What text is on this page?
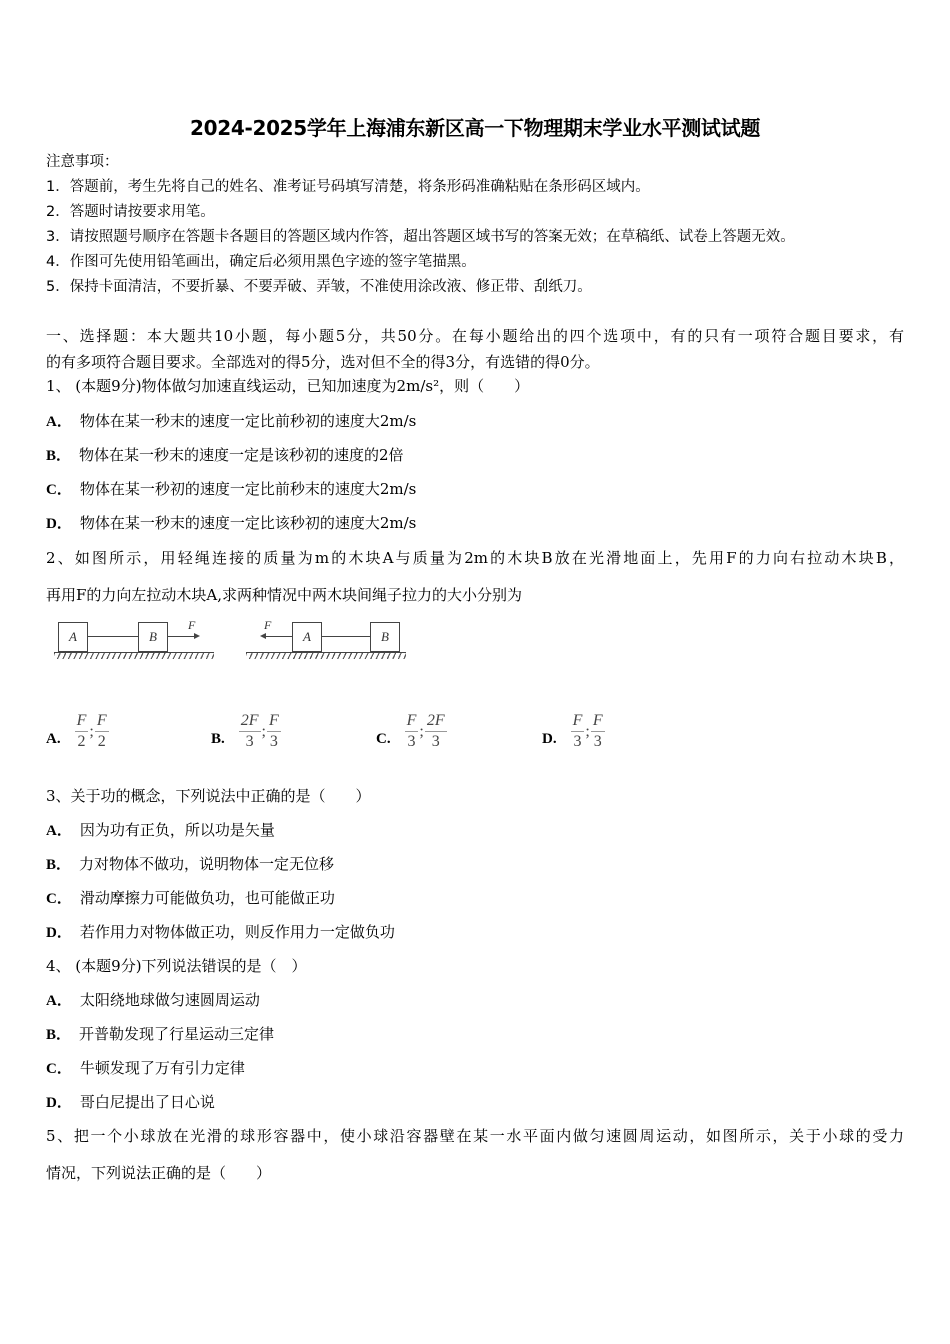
2024-2025学年上海浦东新区高一下物理期末学业水平测试试题
注意事项：
1．答题前，考生先将自己的姓名、准考证号码填写清楚，将条形码准确粘贴在条形码区域内。
2．答题时请按要求用笔。
3．请按照题号顺序在答题卡各题目的答题区域内作答，超出答题区域书写的答案无效；在草稿纸、试卷上答题无效。
4．作图可先使用铅笔画出，确定后必须用黑色字迹的签字笔描黑。
5．保持卡面清洁，不要折暴、不要弄破、弄皱，不准使用涂改液、修正带、刮纸刀。
一、选择题：本大题共10小题，每小题5分，共50分。在每小题给出的四个选项中，有的只有一项符合题目要求，有
的有多项符合题目要求。全部选对的得5分，选对但不全的得3分，有选错的得0分。
1、 (本题9分)物体做匀加速直线运动，已知加速度为2m/s²，则（　　）
A． 物体在某一秒末的速度一定比前秒初的速度大2m/s
B． 物体在某一秒末的速度一定是该秒初的速度的2倍
C． 物体在某一秒初的速度一定比前秒末的速度大2m/s
D． 物体在某一秒末的速度一定比该秒初的速度大2m/s
2、如图所示，用轻绳连接的质量为m的木块A与质量为2m的木块B放在光滑地面上，先用F的力向右拉动木块B，
再用F的力向左拉动木块A,求两种情况中两木块间绳子拉力的大小分别为
A	B
F	F
A	B
A. $\frac{F}{2}$ ; $\frac{F}{2}$	B. $\frac{2F}{3}$ ; $\frac{F}{3}$	C. $\frac{F}{3}$ ; $\frac{2F}{3}$	D. $\frac{F}{3}$ ; $\frac{F}{3}$
3、关于功的概念，下列说法中正确的是（　　）
A． 因为功有正负，所以功是矢量
B． 力对物体不做功，说明物体一定无位移
C． 滑动摩擦力可能做负功，也可能做正功
D． 若作用力对物体做正功，则反作用力一定做负功
4、 (本题9分)下列说法错误的是（　）
A． 太阳绕地球做匀速圆周运动
B． 开普勒发现了行星运动三定律
C． 牛顿发现了万有引力定律
D． 哥白尼提出了日心说
5、把一个小球放在光滑的球形容器中，使小球沿容器壁在某一水平面内做匀速圆周运动，如图所示，关于小球的受力
情况，下列说法正确的是（　　）
